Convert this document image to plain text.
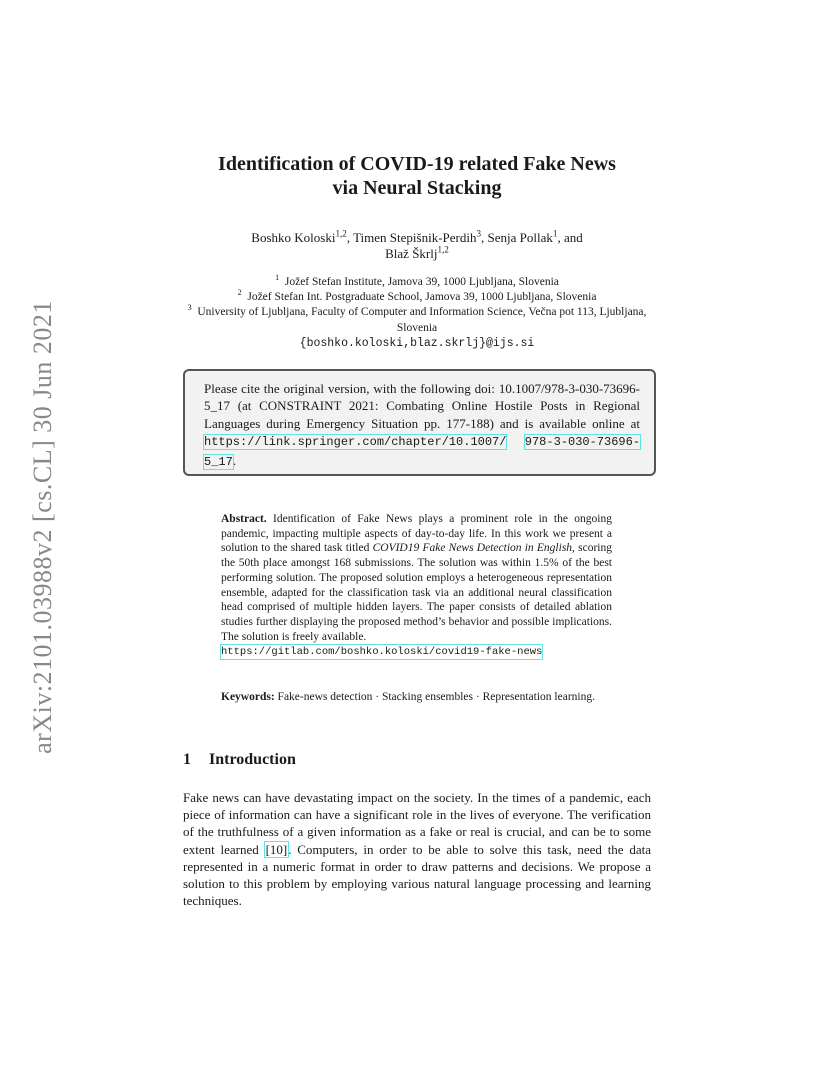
arXiv:2101.03988v2 [cs.CL] 30 Jun 2021
Identification of COVID-19 related Fake News
via Neural Stacking
Boshko Koloski$^{1,2}$, Timen Stepišnik-Perdih$^3$, Senja Pollak$^1$, and
Blaž Škrlj$^{1,2}$
$^1$ Jožef Stefan Institute, Jamova 39, 1000 Ljubljana, Slovenia
$^2$ Jožef Stefan Int. Postgraduate School, Jamova 39, 1000 Ljubljana, Slovenia
$^3$ University of Ljubljana, Faculty of Computer and Information Science, Večna pot 113, Ljubljana, Slovenia
{boshko.koloski,blaz.skrlj}@ijs.si
Please cite the original version, with the following doi: 10.1007/978-3-030-73696-5_17 (at CONSTRAINT 2021: Combating Online Hostile Posts in Regional Languages during Emergency Situation pp. 177-188) and is available online at https://link.springer.com/chapter/10.1007/ 978-3-030-73696-5_17.
Abstract. Identification of Fake News plays a prominent role in the ongoing pandemic, impacting multiple aspects of day-to-day life. In this work we present a solution to the shared task titled COVID19 Fake News Detection in English, scoring the 50th place amongst 168 submissions. The solution was within 1.5% of the best performing solution. The proposed solution employs a heterogeneous representation ensemble, adapted for the classification task via an additional neural classification head comprised of multiple hidden layers. The paper consists of detailed ablation studies further displaying the proposed method’s behavior and possible implications. The solution is freely available.
https://gitlab.com/boshko.koloski/covid19-fake-news
Keywords: Fake-news detection · Stacking ensembles · Representation learning.
1 Introduction
Fake news can have devastating impact on the society. In the times of a pandemic, each piece of information can have a significant role in the lives of everyone. The verification of the truthfulness of a given information as a fake or real is crucial, and can be to some extent learned [10]. Computers, in order to be able to solve this task, need the data represented in a numeric format in order to draw patterns and decisions. We propose a solution to this problem by employing various natural language processing and learning techniques.
